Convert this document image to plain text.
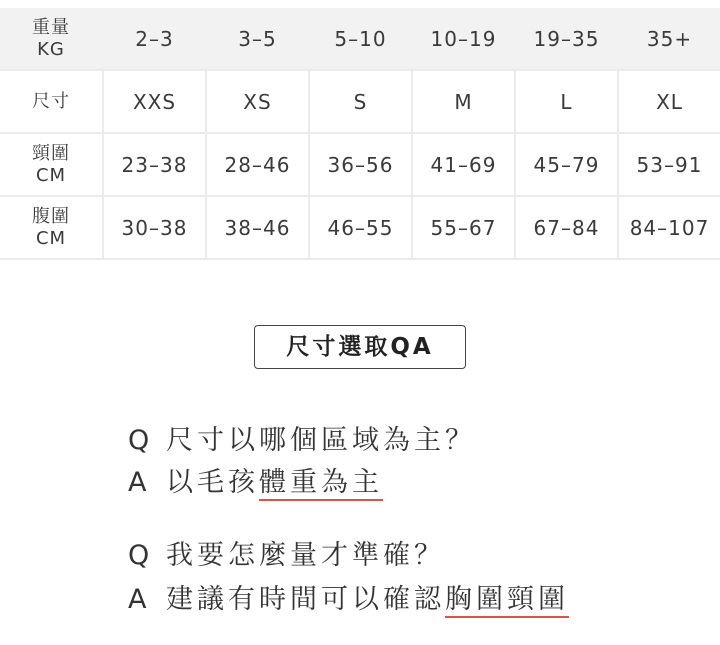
重量
KG	2–3	3–5	5–10	10–19	19–35	35+

尺寸	XXS	XS	S	M	L	XL

頸圍
CM	23–38	28–46	36–56	41–69	45–79	53–91

腹圍
CM	30–38	38–46	46–55	55–67	67–84	84–107
尺寸選取QA
Q 尺寸以哪個區域為主？
A 以毛孩體重為主
Q 我要怎麼量才準確？
A 建議有時間可以確認胸圍頸圍
